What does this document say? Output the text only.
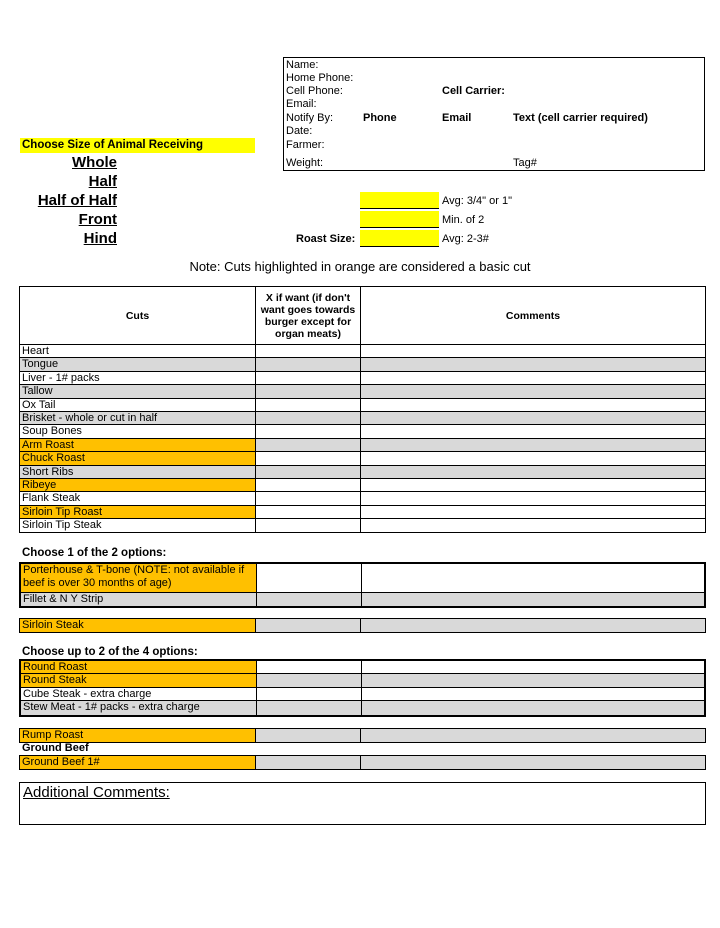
Name:
Home Phone:
Cell Phone:	Cell Carrier:
Email:
Notify By:	Phone	Email	Text (cell carrier required)
Date:
Farmer:
Weight:	Tag#
Choose Size of Animal Receiving
Whole
Half
Half of Half
Front
Hind
Avg: 3/4" or 1"
Min. of 2
Avg: 2-3#
Roast Size:
Note: Cuts highlighted in orange are considered a basic cut
Cuts
X if want (if don't want goes towards burger except for organ meats)
Comments
Heart
Tongue
Liver - 1# packs
Tallow
Ox Tail
Brisket - whole or cut in half
Soup Bones
Arm Roast
Chuck Roast
Short Ribs
Ribeye
Flank Steak
Sirloin Tip Roast
Sirloin Tip Steak
Choose 1 of the 2 options:
Porterhouse & T-bone (NOTE: not available if beef is over 30 months of age)
Fillet & N Y Strip
Sirloin Steak
Choose up to 2 of the 4 options:
Round Roast
Round Steak
Cube Steak - extra charge
Stew Meat - 1# packs - extra charge
Rump Roast
Ground Beef
Ground Beef 1#
Additional Comments:
